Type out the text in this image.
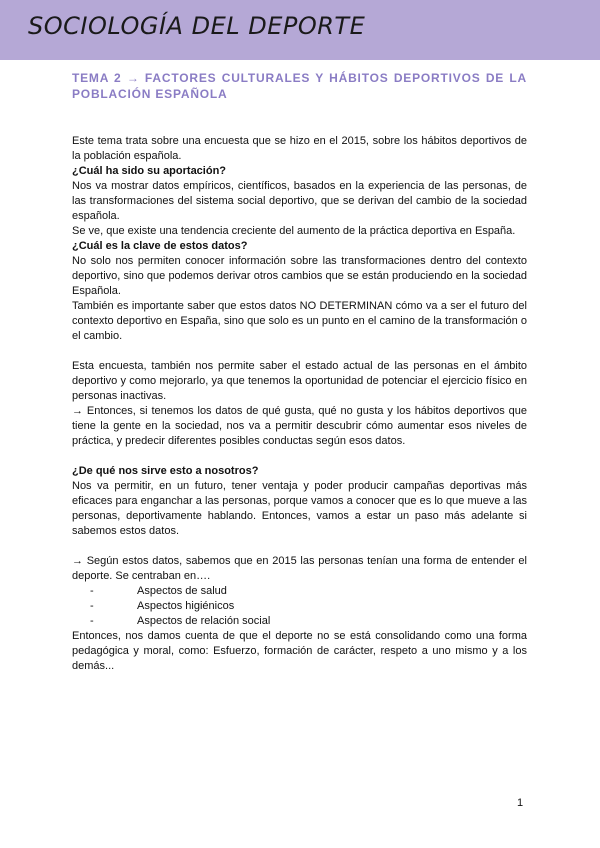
SOCIOLOGÍA DEL DEPORTE
TEMA 2 → FACTORES CULTURALES Y HÁBITOS DEPORTIVOS DE LA POBLACIÓN ESPAÑOLA

Este tema trata sobre una encuesta que se hizo en el 2015, sobre los hábitos deportivos de la población española.

¿Cuál ha sido su aportación?

Nos va mostrar datos empíricos, científicos, basados en la experiencia de las personas, de las transformaciones del sistema social deportivo, que se derivan del cambio de la sociedad española.

Se ve, que existe una tendencia creciente del aumento de la práctica deportiva en España.

¿Cuál es la clave de estos datos?

No solo nos permiten conocer información sobre las transformaciones dentro del contexto deportivo, sino que podemos derivar otros cambios que se están produciendo en la sociedad Española.

También es importante saber que estos datos NO DETERMINAN cómo va a ser el futuro del contexto deportivo en España, sino que solo es un punto en el camino de la transformación o el cambio.

Esta encuesta, también nos permite saber el estado actual de las personas en el ámbito deportivo y como mejorarlo, ya que tenemos la oportunidad de potenciar el ejercicio físico en personas inactivas.

→ Entonces, si tenemos los datos de qué gusta, qué no gusta y los hábitos deportivos que tiene la gente en la sociedad, nos va a permitir descubrir cómo aumentar esos niveles de práctica, y predecir diferentes posibles conductas según esos datos.

¿De qué nos sirve esto a nosotros?

Nos va permitir, en un futuro, tener ventaja y poder producir campañas deportivas más eficaces para enganchar a las personas, porque vamos a conocer que es lo que mueve a las personas, deportivamente hablando. Entonces, vamos a estar un paso más adelante si sabemos estos datos.

→ Según estos datos, sabemos que en 2015 las personas tenían una forma de entender el deporte. Se centraban en….

-	Aspectos de salud
-	Aspectos higiénicos
-	Aspectos de relación social

Entonces, nos damos cuenta de que el deporte no se está consolidando como una forma pedagógica y moral, como: Esfuerzo, formación de carácter, respeto a uno mismo y a los demás...

1
